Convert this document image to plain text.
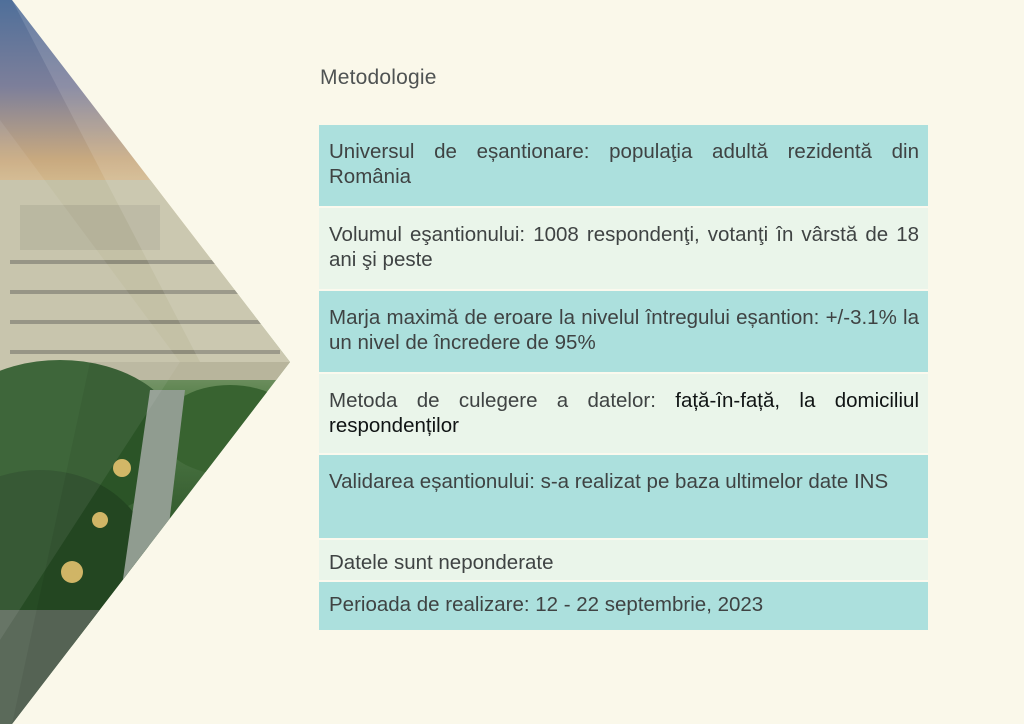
Metodologie
Universul de eșantionare: populaţia adultă rezidentă din România
Volumul eşantionului: 1008 respondenţi, votanţi în vârstă de 18 ani şi peste
Marja maximă de eroare la nivelul întregului eșantion: +/-3.1% la un nivel de încredere de 95%
Metoda de culegere a datelor: față-în-față, la domiciliul respondenților
Validarea eșantionului: s-a realizat pe baza ultimelor date INS
Datele sunt neponderate
Perioada de realizare: 12 - 22 septembrie, 2023
